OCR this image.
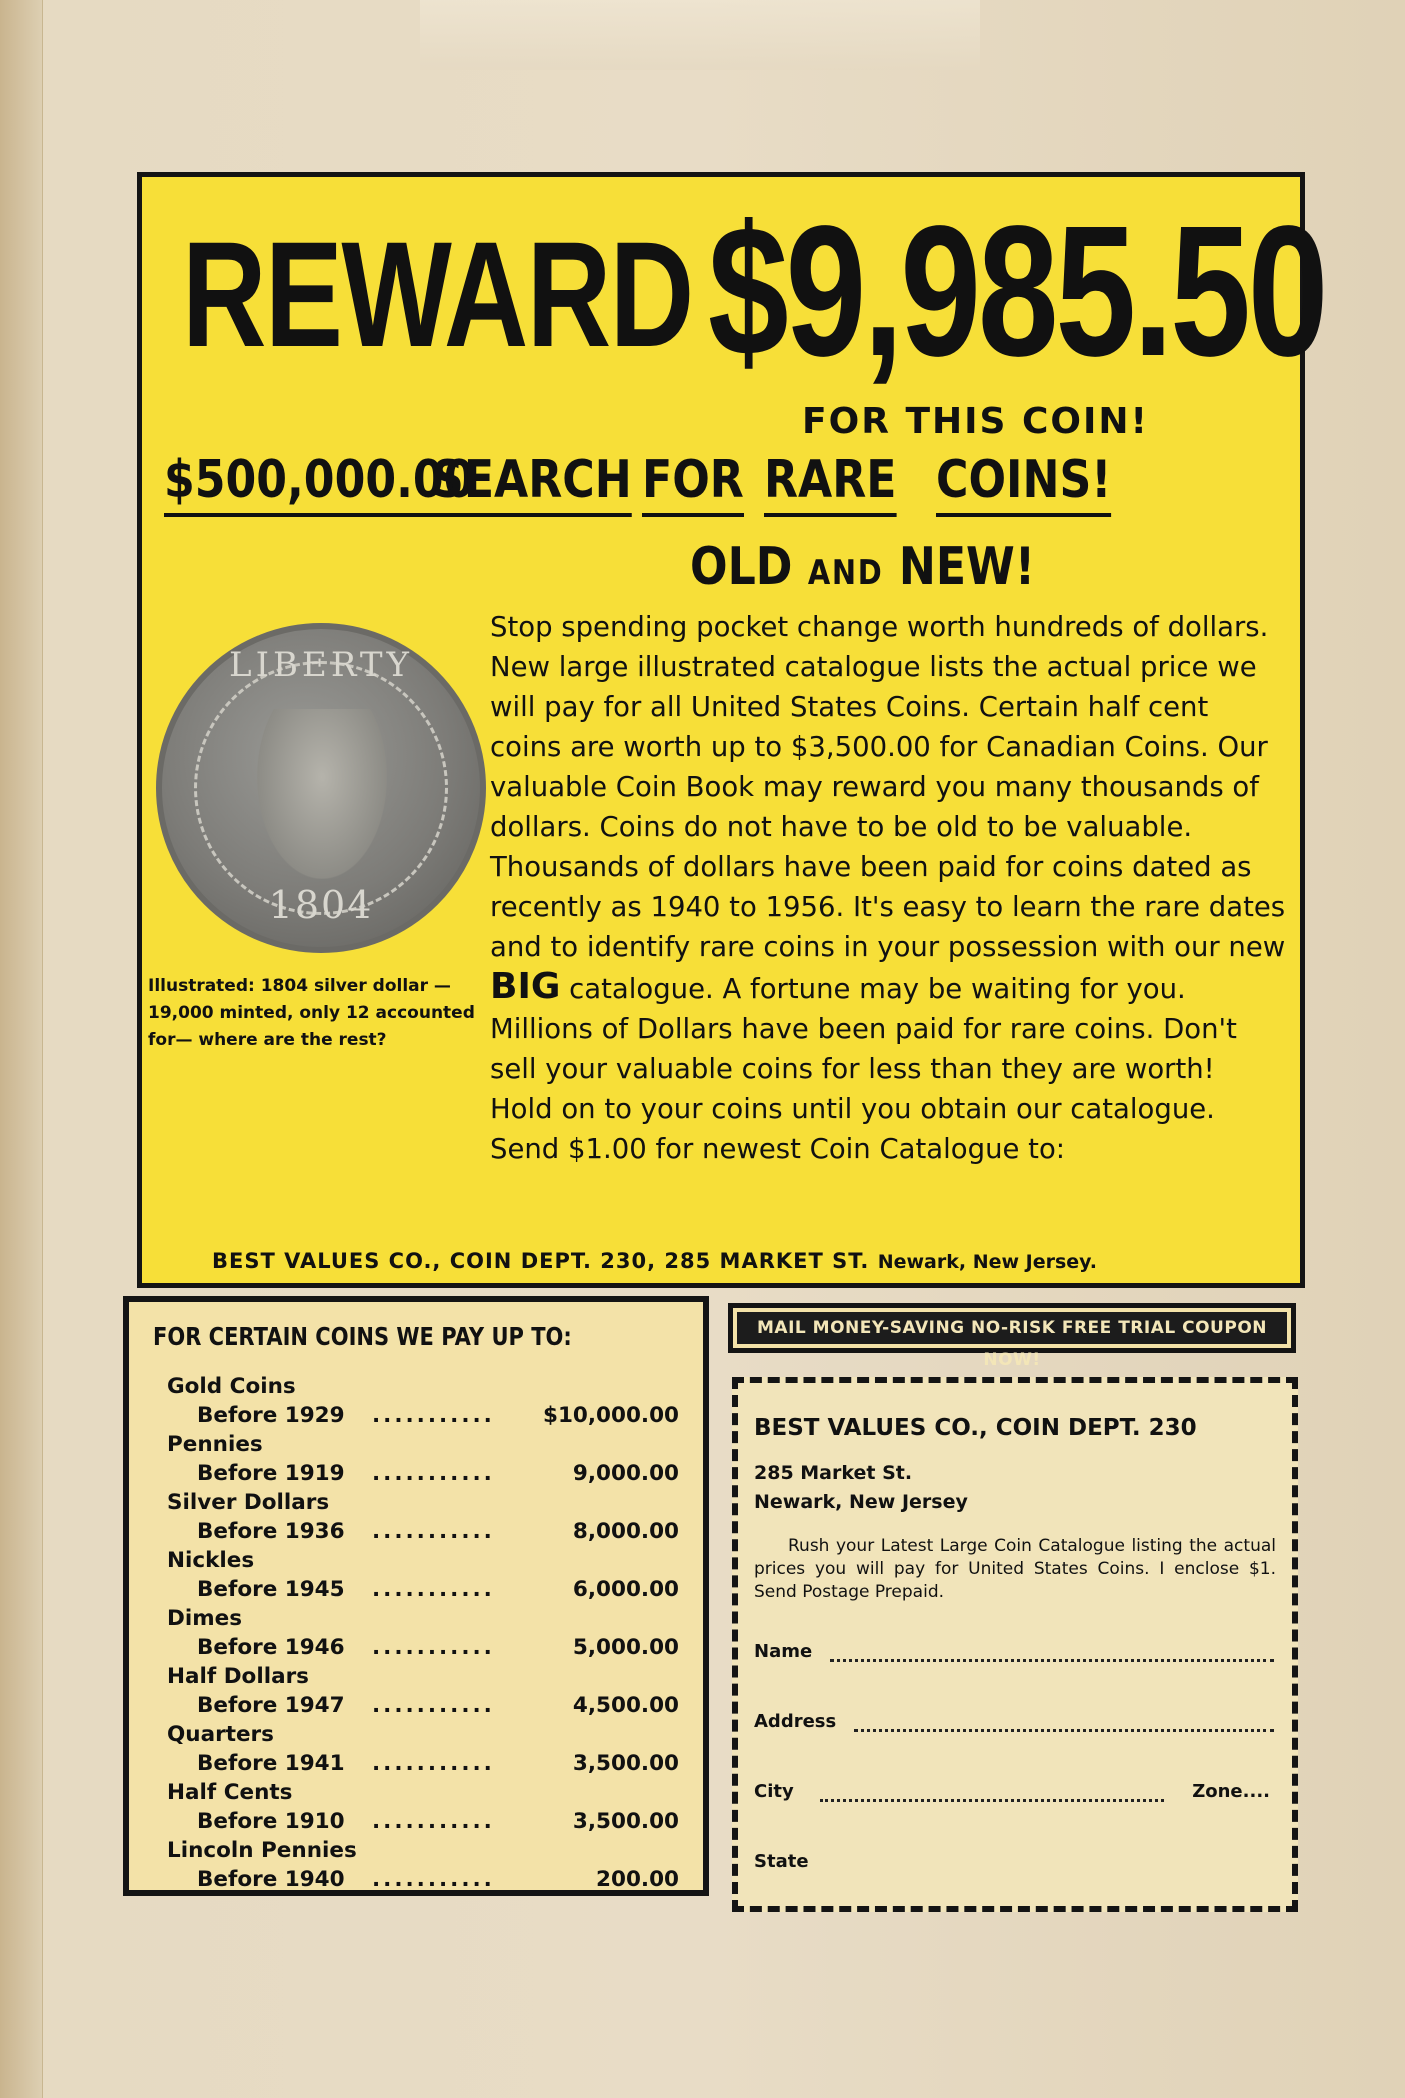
REWARD $9,985.50
FOR THIS COIN!
$500,000.00
SEARCH FOR RARE COINS!
OLD AND NEW!
Stop spending pocket change worth hundreds of dollars. New large illustrated catalogue lists the actual price we will pay for all United States Coins. Certain half cent coins are worth up to $3,500.00 for Canadian Coins. Our valuable Coin Book may reward you many thousands of dollars. Coins do not have to be old to be valuable. Thousands of dollars have been paid for coins dated as recently as 1940 to 1956. It's easy to learn the rare dates and to identify rare coins in your possession with our new BIG catalogue. A fortune may be waiting for you. Millions of Dollars have been paid for rare coins. Don't sell your valuable coins for less than they are worth! Hold on to your coins until you obtain our catalogue. Send $1.00 for newest Coin Catalogue to:
LIBERTY
1804
Illustrated: 1804 silver dollar — 19,000 minted, only 12 accounted for— where are the rest?
BEST VALUES CO., COIN DEPT. 230, 285 MARKET ST. Newark, New Jersey.
FOR CERTAIN COINS WE PAY UP TO:
Gold Coins
Before 1929 ........... $10,000.00
Pennies
Before 1919 ...........	9,000.00
Silver Dollars
Before 1936 ...........	8,000.00
Nickles
Before 1945 ...........	6,000.00
Dimes
Before 1946 ...........	5,000.00
Half Dollars
Before 1947 ...........	4,500.00
Quarters
Before 1941 ...........	3,500.00
Half Cents
Before 1910 ...........	3,500.00
Lincoln Pennies
Before 1940 ...........	200.00
MAIL MONEY-SAVING NO-RISK FREE TRIAL COUPON NOW!
BEST VALUES CO., COIN DEPT. 230
285 Market St.
Newark, New Jersey
Rush your Latest Large Coin Catalogue listing the actual prices you will pay for United States Coins. I enclose $1. Send Postage Prepaid.
Name
Address
City	Zone....
State
